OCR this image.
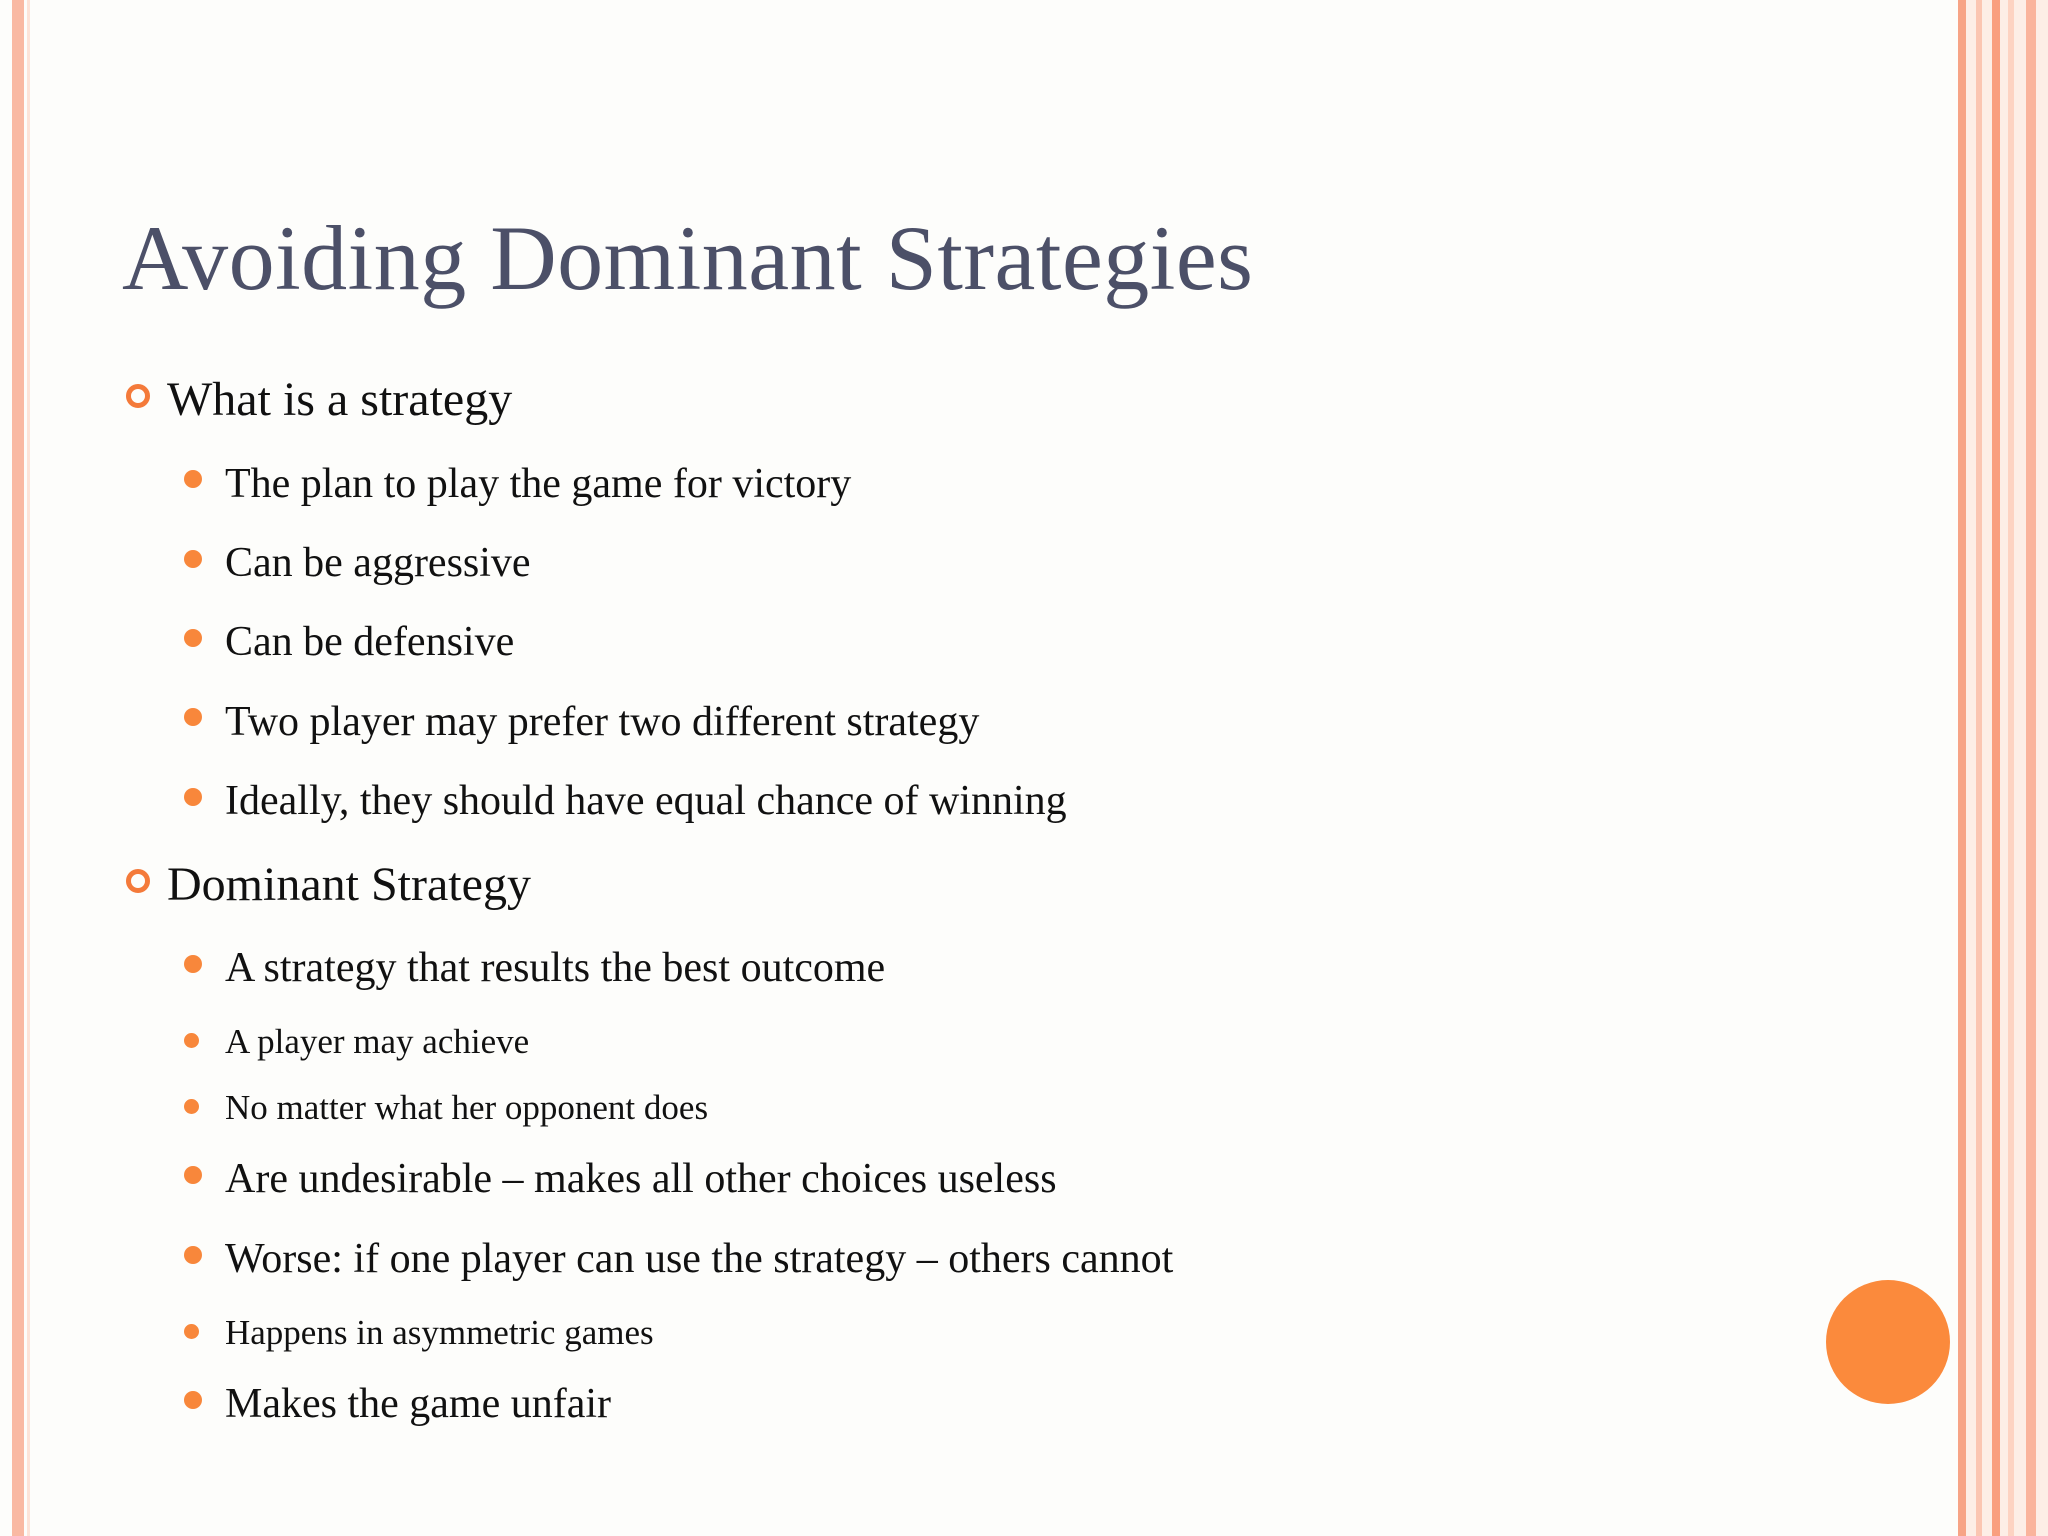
Avoiding Dominant Strategies
What is a strategy
The plan to play the game for victory
Can be aggressive
Can be defensive
Two player may prefer two different strategy
Ideally, they should have equal chance of winning
Dominant Strategy
A strategy that results the best outcome
A player may achieve
No matter what her opponent does
Are undesirable – makes all other choices useless
Worse: if one player can use the strategy – others cannot
Happens in asymmetric games
Makes the game unfair
